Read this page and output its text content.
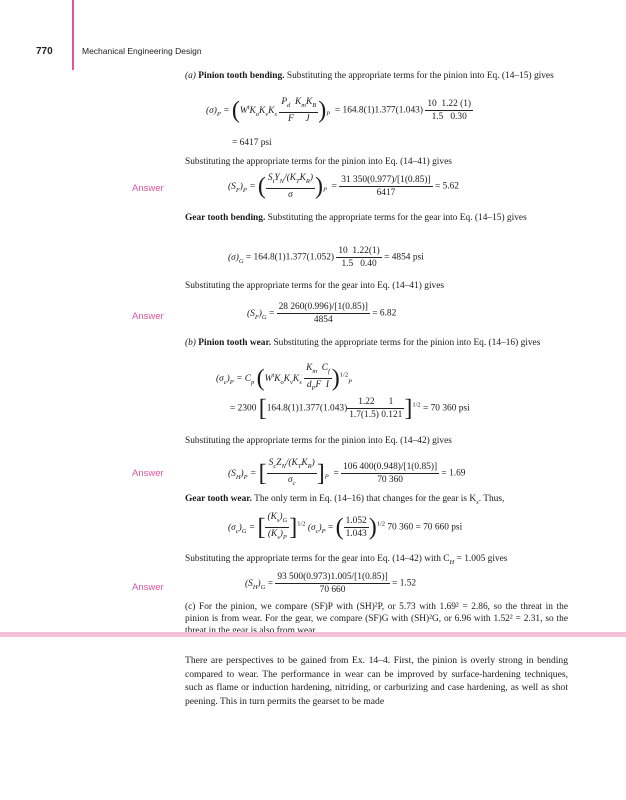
770	Mechanical Engineering Design
(a) Pinion tooth bending. Substituting the appropriate terms for the pinion into Eq. (14–15) gives
$(\sigma)_P = (W^tK_oK_vK_s \frac{P_d K_mK_B}{\text{F     J}} )_P = 164.8(1)1.377(1.043) \frac{10 1.22 (1)}{1.5 0.30}$
= 6417 psi
Substituting the appropriate terms for the pinion into Eq. (14–41) gives
Answer	$(S_F)_P$ = ( $\frac{S_tY_N/(K_TK_R)}{\sigma} )_P = \frac{31 350(0.977)/[1(0.85)]}{6417} = 5.62$
Gear tooth bending. Substituting the appropriate terms for the gear into Eq. (14–15) gives
$(\sigma)_G = 164.8(1)1.377(1.052) \frac{10 1.22(1)}{1.5 0.40} = 4854$ psi
Substituting the appropriate terms for the gear into Eq. (14–41) gives
Answer	$(S_F)_G = \frac{28 260(0.996)/[1(0.85)]}{4854} = 6.82$
(b) Pinion tooth wear. Substituting the appropriate terms for the pinion into Eq. (14–16) gives
$(\sigma_c)_P = C_p$ $(W^tK_oK_vK_s \frac{K_m C_f}{d_PF I} )^{1/2}_P$
= 2300 $[164.8(1)1.377(1.043) \frac{1.22 1}{1.7(1.5) 0.121} ]^{1/2} = 70$ 360 psi
Substituting the appropriate terms for the pinion into Eq. (14–42) gives
Answer	$(S_H)_P$ = [ $\frac{S_cZ_N/(K_TK_R)}{\sigma_c} ]_P = \frac{106 400(0.948)/[1(0.85)]}{70 360} = 1.69$
Gear tooth wear. The only term in Eq. (14–16) that changes for the gear is $K_s$. Thus,
$(\sigma_c)_G$ = [ $\frac{(K_s)_G}{(K_s)_P} ]^{1/2}$ $(\sigma_c)_P$ = ( $\frac{1.052}{1.043} )^{1/2}$ 70 360 = 70 660 psi
Substituting the appropriate terms for the gear into Eq. (14–42) with $C_H = 1.005$ gives
Answer	$(S_H)_G = \frac{93 500(0.973)1.005/[1(0.85)]}{70 660} = 1.52$
(c) For the pinion, we compare (SF)P with (SH)²P, or 5.73 with 1.69² = 2.86, so the threat in the pinion is from wear. For the gear, we compare (SF)G with (SH)²G, or 6.96 with 1.52² = 2.31, so the
There are perspectives to be gained from Ex. 14–4. First, the pinion is overly strong in bending compared to wear. The performance in wear can be improved by surface-hardening techniques, such as flame or induction hardening, nitriding, or carburizing and case hardening, as well as shot peening. This in turn permits the gearset to be made
